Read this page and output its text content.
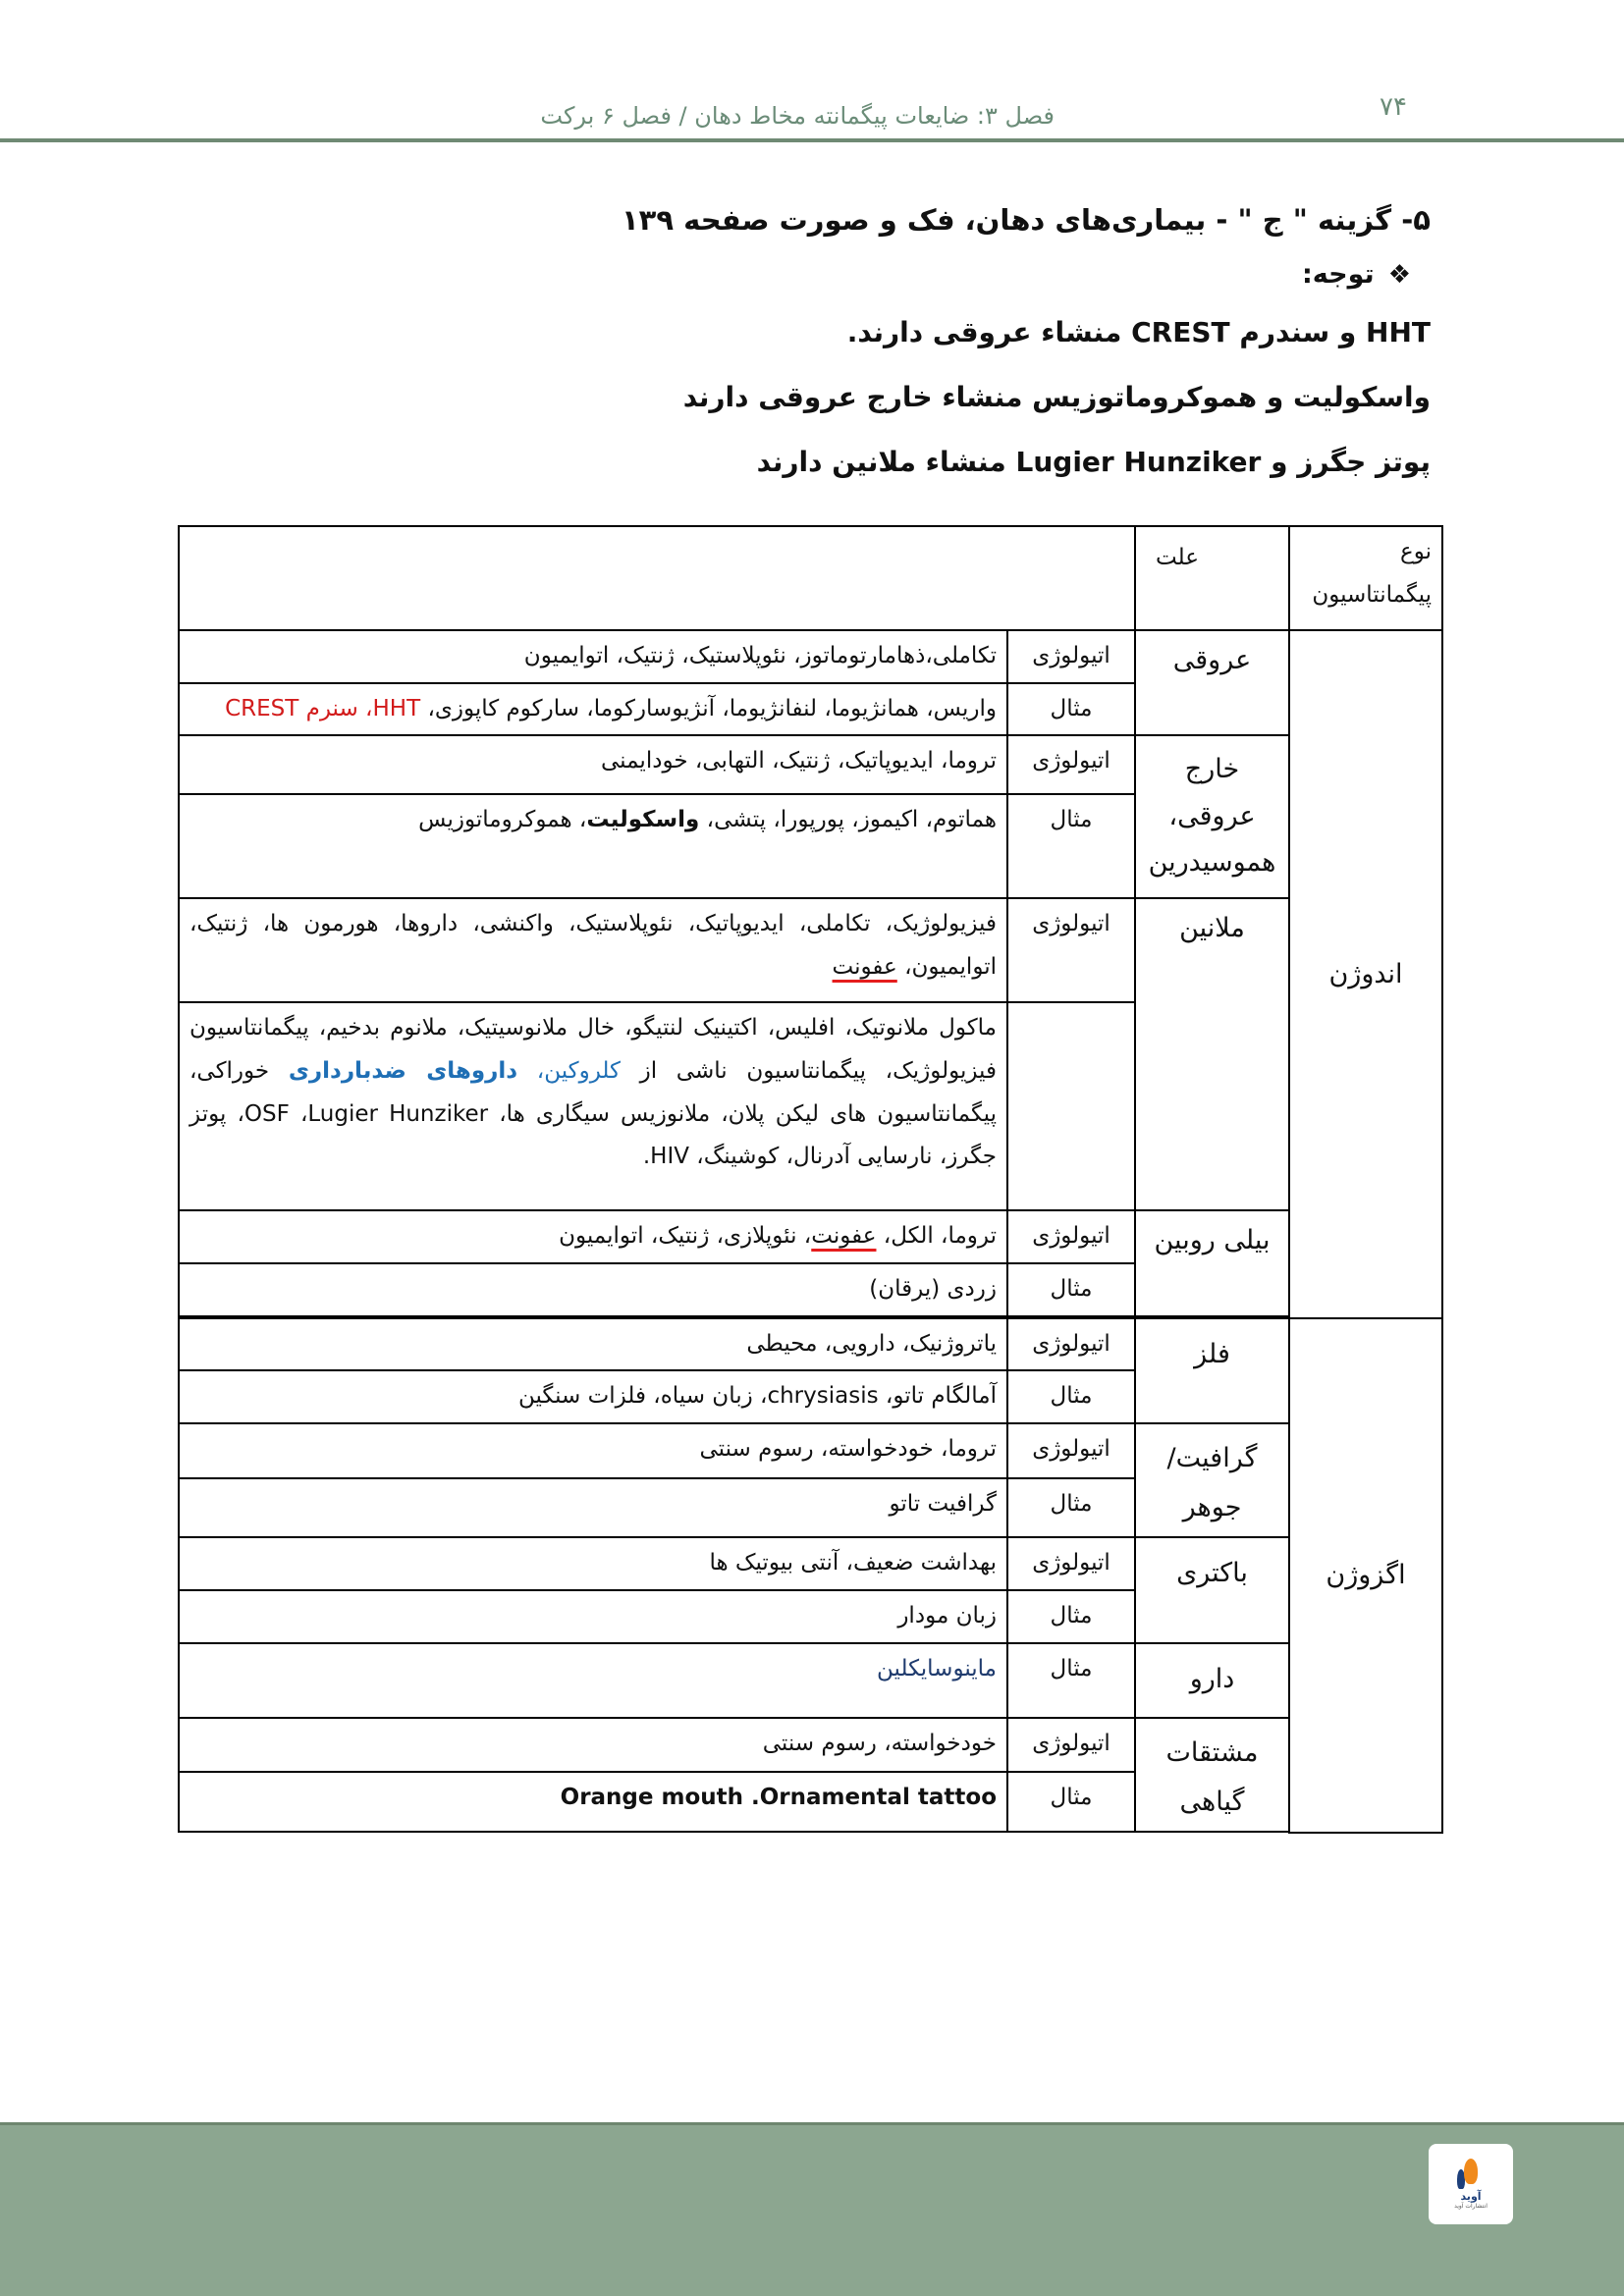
۷۴
فصل ۳: ضایعات پیگمانته مخاط دهان / فصل ۶ برکت
۵- گزینه " ج " - بیماری‌های دهان، فک و صورت صفحه ۱۳۹
❖
توجه:
HHT و سندرم CREST منشاء عروقی دارند.
واسکولیت و هموکروماتوزیس منشاء خارج عروقی دارند
پوتز جگرز و Lugier Hunziker منشاء ملانین دارند
نوع پیگمانتاسیون	علت		
اندوژن	عروقی	اتیولوژی	تکاملی،ذهامارتوماتوز، نئوپلاستیک، ژنتیک، اتوایمیون
		مثال	واریس، همانژیوما، لنفانژیوما، آنژیوسارکوما، سارکوم کاپوزی، HHT، سنرم CREST
	خارج عروقی، هموسیدرین	اتیولوژی	تروما، ایدیوپاتیک، ژنتیک، التهابی، خودایمنی
		مثال	هماتوم، اکیموز، پورپورا، پتشی، واسکولیت، هموکروماتوزیس
	ملانین	اتیولوژی	فیزیولوژیک، تکاملی، ایدیوپاتیک، نئوپلاستیک، واکنشی، داروها، هورمون ها، ژنتیک، اتوایمیون، عفونت
			ماکول ملانوتیک، افلیس، اکتینیک لنتیگو، خال ملانوسیتیک، ملانوم بدخیم، پیگمانتاسیون فیزیولوژیک، پیگمانتاسیون ناشی از کلروکین، داروهای ضدبارداری خوراکی، پیگمانتاسیون های لیکن پلان، ملانوزیس سیگاری ها، Lugier Hunziker، OSF، پوتز جگرز، نارسایی آدرنال، کوشینگ، HIV.
	بیلی روبین	اتیولوژی	تروما، الکل، عفونت، نئوپلازی، ژنتیک، اتوایمیون
		مثال	زردی (یرقان)

اگزوژن	فلز	اتیولوژی	یاتروژنیک، دارویی، محیطی
		مثال	آمالگام تاتو، chrysiasis، زبان سیاه، فلزات سنگین
	گرافیت/ جوهر	اتیولوژی	تروما، خودخواسته، رسوم سنتی
		مثال	گرافیت تاتو
	باکتری	اتیولوژی	بهداشت ضعیف، آنتی بیوتیک ها
		مثال	زبان مودار
	دارو	مثال	ماینوسایکلین
	مشتقات گیاهی	اتیولوژی	خودخواسته، رسوم سنتی
		مثال	Orange mouth .Ornamental tattoo

آوید
انتشارات آوید
